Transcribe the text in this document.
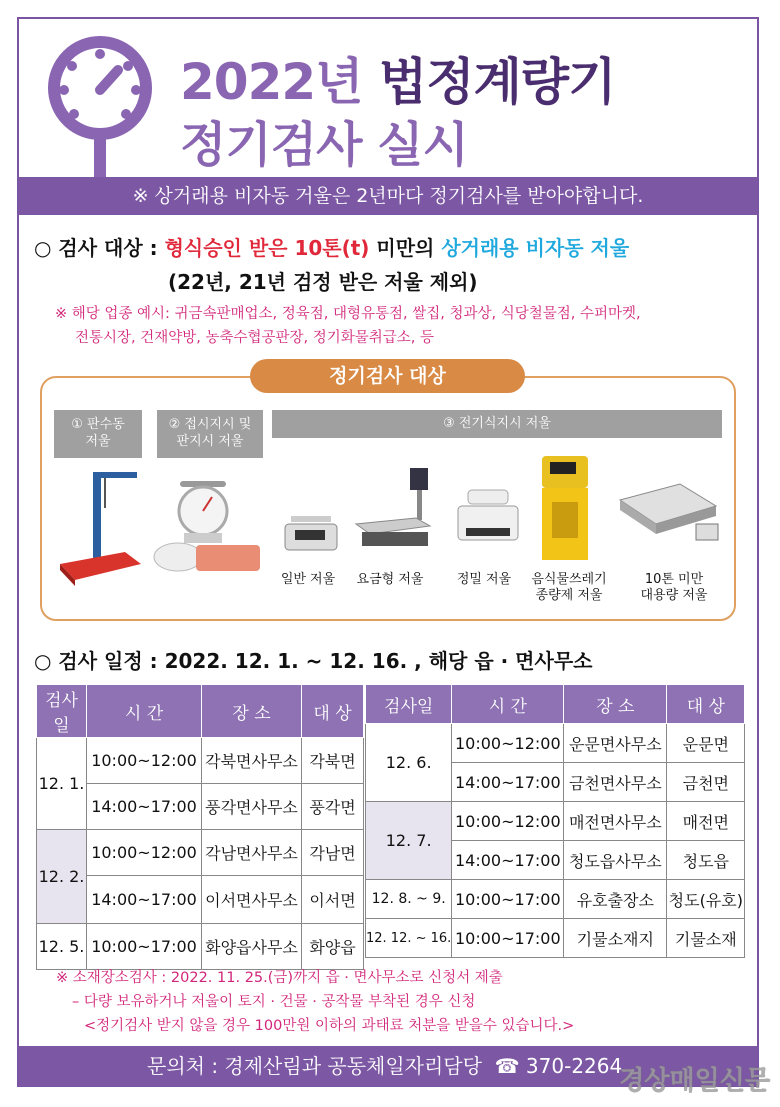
2022년 법정계량기
정기검사 실시
※ 상거래용 비자동 거울은 2년마다 정기검사를 받아야합니다.
○ 검사 대상 : 형식승인 받은 10톤(t) 미만의 상거래용 비자동 저울
(22년, 21년 검정 받은 저울 제외)
※ 해당 업종 예시: 귀금속판매업소, 정육점, 대형유통점, 쌀집, 청과상, 식당철물점, 수퍼마켓,
전통시장, 건재약방, 농축수협공판장, 정기화물취급소, 등
정기검사 대상
① 판수동
저울
② 접시지시 및
판지시 저울
③ 전기식지시 저울
일반 저울	요금형 저울	정밀 저울	음식물쓰레기
종량제 저울
10톤 미만
대용량 저울
○ 검사 일정 : 2022. 12. 1. ~ 12. 16. , 해당 읍 · 면사무소
검사일	시 간	장 소	대 상
12. 1.	10:00~12:00	각북면사무소	각북면
	14:00~17:00	풍각면사무소	풍각면
12. 2.	10:00~12:00	각남면사무소	각남면
	14:00~17:00	이서면사무소	이서면
12. 5.	10:00~17:00	화양읍사무소	화양읍
검사일	시 간	장 소	대 상
12. 6.	10:00~12:00	운문면사무소	운문면
	14:00~17:00	금천면사무소	금천면
12. 7.	10:00~12:00	매전면사무소	매전면
	14:00~17:00	청도읍사무소	청도읍
12. 8. ~ 9.	10:00~17:00	유호출장소	청도(유호)
12. 12. ~ 16.	10:00~17:00	기물소재지	기물소재
※ 소재장소검사 : 2022. 11. 25.(금)까지 읍 · 면사무소로 신청서 제출
– 다량 보유하거나 저울이 토지 · 건물 · 공작물 부착된 경우 신청
<정기검사 받지 않을 경우 100만원 이하의 과태료 처분을 받을수 있습니다.>
문의처 : 경제산림과 공동체일자리담당 ☎ 370-2264
경상매일신문
